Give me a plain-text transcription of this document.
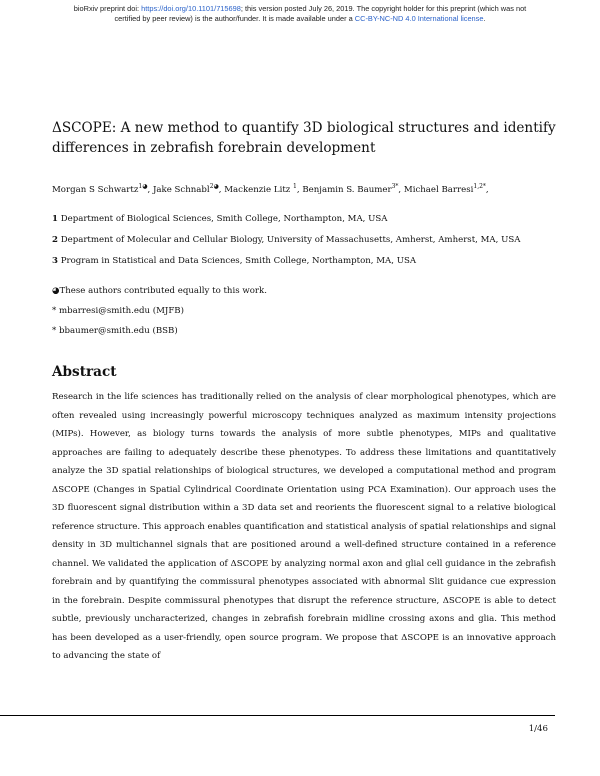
bioRxiv preprint doi: https://doi.org/10.1101/715698; this version posted July 26, 2019. The copyright holder for this preprint (which was not
certified by peer review) is the author/funder. It is made available under a CC-BY-NC-ND 4.0 International license.
ΔSCOPE: A new method to quantify 3D biological structures and identify differences in zebrafish forebrain development
Morgan S Schwartz$^{1◕}$, Jake Schnabl$^{2◕}$, Mackenzie Litz $^1$, Benjamin S. Baumer$^{3*}$, Michael Barresi$^{1,2*}$,
1 Department of Biological Sciences, Smith College, Northampton, MA, USA
2 Department of Molecular and Cellular Biology, University of Massachusetts, Amherst, Amherst, MA, USA
3 Program in Statistical and Data Sciences, Smith College, Northampton, MA, USA
◕These authors contributed equally to this work.
* mbarresi@smith.edu (MJFB)
* bbaumer@smith.edu (BSB)
Abstract
Research in the life sciences has traditionally relied on the analysis of clear morphological phenotypes, which are often revealed using increasingly powerful microscopy techniques analyzed as maximum intensity projections (MIPs). However, as biology turns towards the analysis of more subtle phenotypes, MIPs and qualitative approaches are failing to adequately describe these phenotypes. To address these limitations and quantitatively analyze the 3D spatial relationships of biological structures, we developed a computational method and program ΔSCOPE (Changes in Spatial Cylindrical Coordinate Orientation using PCA Examination). Our approach uses the 3D fluorescent signal distribution within a 3D data set and reorients the fluorescent signal to a relative biological reference structure. This approach enables quantification and statistical analysis of spatial relationships and signal density in 3D multichannel signals that are positioned around a well-defined structure contained in a reference channel. We validated the application of ΔSCOPE by analyzing normal axon and glial cell guidance in the zebrafish forebrain and by quantifying the commissural phenotypes associated with abnormal Slit guidance cue expression in the forebrain. Despite commissural phenotypes that disrupt the reference structure, ΔSCOPE is able to detect subtle, previously uncharacterized, changes in zebrafish forebrain midline crossing axons and glia. This method has been developed as a user-friendly, open source program. We propose that ΔSCOPE is an innovative approach to advancing the state of
1/46
